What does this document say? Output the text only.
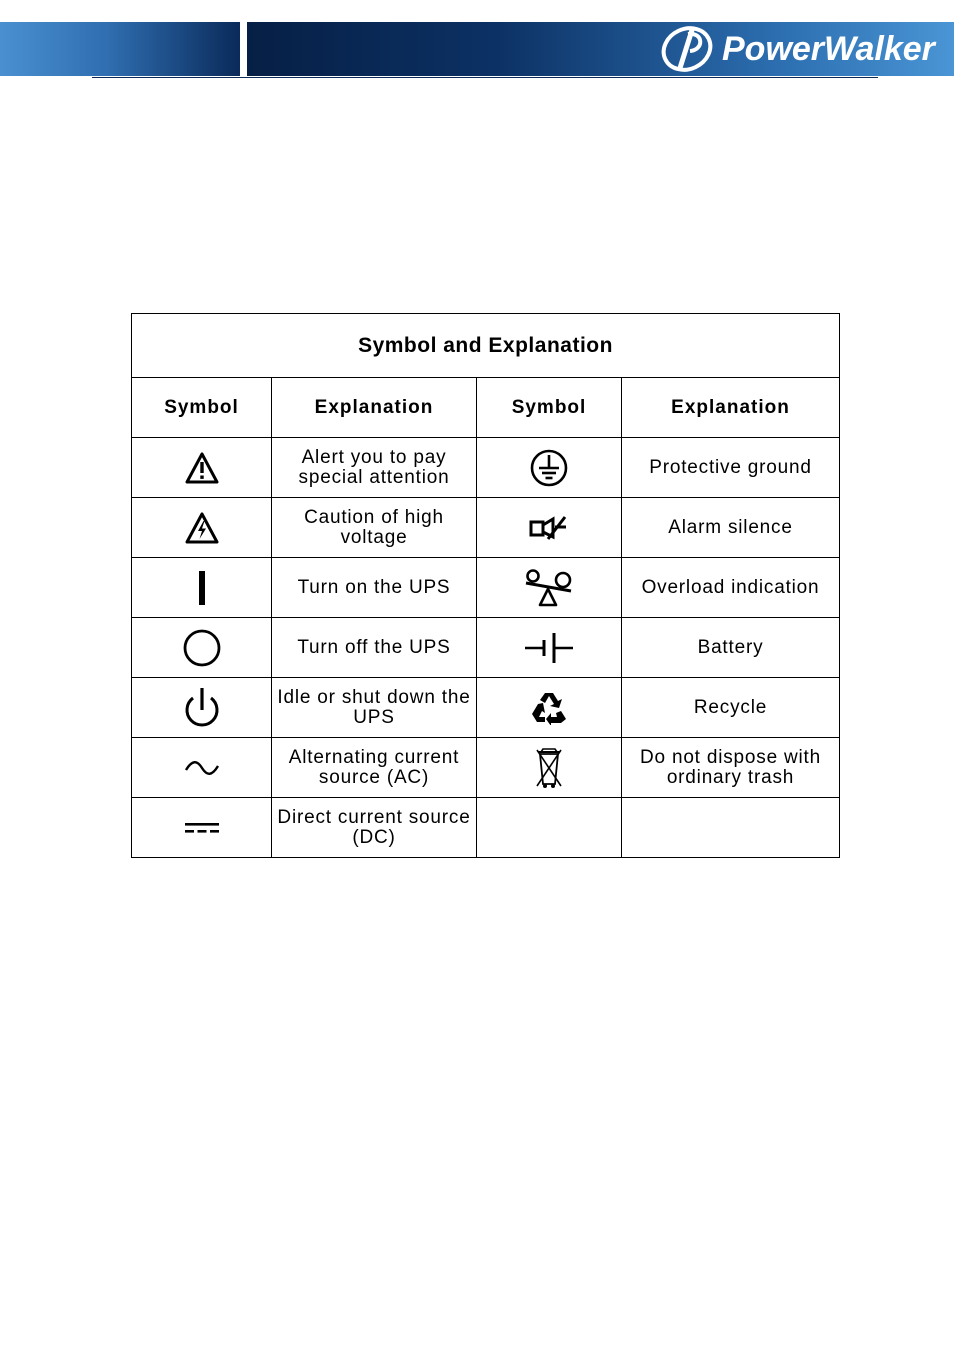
PowerWalker
Symbol and Explanation			
Symbol	Explanation	Symbol	Explanation

	Alert you to pay special attention		Protective ground

	Caution of high voltage		Alarm silence

	Turn on the UPS		Overload indication

	Turn off the UPS		Battery

	Idle or shut down the UPS		Recycle

	Alternating current source (AC)		Do not dispose with ordinary trash

	Direct current source (DC)		
